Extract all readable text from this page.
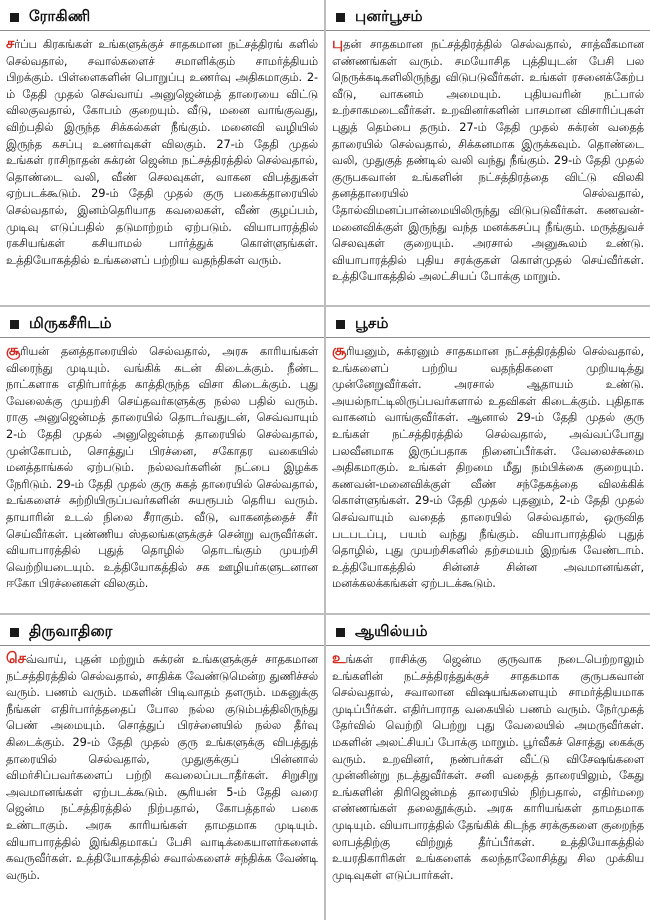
ரோகிணி

சர்ப்ப கிரகங்கள் உங்களுக்குச் சாதகமான நட்சத்திரங் களில் செல்வதால், சவால்களைச் சமாளிக்கும் சாமர்த்தியம் பிறக்கும். பிள்ளைகளின் பொறுப்பு உணர்வு அதிகமாகும். 2-ம் தேதி முதல் செவ்வாய் அனுஜென்மத் தாரையை விட்டு விலகுவதால், கோபம் குறையும். வீடு, மனை வாங்குவது, விற்பதில் இருந்த சிக்கல்கள் நீங்கும். மனைவி வழியில் இருந்த கசப்பு உணர்வுகள் விலகும். 27-ம் தேதி முதல் உங்கள் ராசிநாதன் சுக்ரன் ஜென்ம நட்சத்திரத்தில் செல்வதால், தொண்டை வலி, வீண் செலவுகள், வாகன விபத்துகள் ஏற்படக்கூடும். 29-ம் தேதி முதல் குரு பகைக்தாரையில் செல்வதால், இனம்தெரியாத கவலைகள், வீண் குழப்பம், முடிவு எடுப்பதில் தடுமாற்றம் ஏற்படும். வியாபாரத்தில் ரகசியங்கள் கசியாமல் பார்த்துக் கொள்ளுங்கள். உத்தியோகத்தில் உங்களைப் பற்றிய வதந்திகள் வரும்.

புனர்பூசம்

புதன் சாதகமான நட்சத்திரத்தில் செல்வதால், சாத்வீகமான எண்ணங்கள் வரும். சமயோசித புத்தியுடன் பேசி பல நெருக்கடிகளிலிருந்து விடுபடுவீர்கள். உங்கள் ரசனைக்கேற்ப வீடு, வாகனம் அமையும். புதியவரின் நட்பால் உற்சாகமடைவீர்கள். உறவினர்களின் பாசமான விசாரிப்புகள் புதுத் தெம்பை தரும். 27-ம் தேதி முதல் சுக்ரன் வதைத் தாரையில் செல்வதால், சிக்கனமாக இருக்கவும். தொண்டை வலி, முதுகுத் தண்டில் வலி வந்து நீங்கும். 29-ம் தேதி முதல் குருபகவான் உங்களின் நட்சத்திரத்தை விட்டு விலகி தனத்தாரையில் செல்வதால், தோல்விமனப்பான்மையிலிருந்து விடுபடுவீர்கள். கணவன்-மனைவிக்குள் இருந்து வந்த மனக்கசப்பு நீங்கும். மருத்துவச் செலவுகள் குறையும். அரசால் அனுகூலம் உண்டு. வியாபாரத்தில் புதிய சரக்குகள் கொள்முதல் செய்வீர்கள். உத்தியோகத்தில் அலட்சியப் போக்கு மாறும்.

மிருகசீரிடம்

சூரியன் தனத்தாரையில் செல்வதால், அரசு காரியங்கள் விரைந்து முடியும். வங்கிக் கடன் கிடைக்கும். நீண்ட நாட்களாக எதிர்பார்த்த காத்திருந்த விசா கிடைக்கும். புது வேலைக்கு முயற்சி செய்தவர்களுக்கு நல்ல பதில் வரும். ராகு அனுஜென்மத் தாரையில் தொடர்வதுடன், செவ்வாயும் 2-ம் தேதி முதல் அனுஜென்மத் தாரையில் செல்வதால், முன்கோபம், சொத்துப் பிரச்னை, சகோதர வகையில் மனத்தாங்கல் ஏற்படும். நல்லவர்களின் நட்பை இழக்க நேரிடும். 29-ம் தேதி முதல் குரு சுகத் தாரையில் செல்வதால், உங்களைச் சுற்றியிருப்பவர்களின் சுயரூபம் தெரிய வரும். தாயாரின் உடல் நிலை சீராகும். வீடு, வாகனத்தைச் சீர் செய்வீர்கள். புண்ணிய ஸ்தலங்களுக்குச் சென்று வருவீர்கள். வியாபாரத்தில் புதுத் தொழில் தொடங்கும் முயற்சி வெற்றியடையும். உத்தியோகத்தில் சக ஊழியர்களுடனான ஈகோ பிரச்னைகள் விலகும்.

பூசம்

சூரியனும், சுக்ரனும் சாதகமான நட்சத்திரத்தில் செல்வதால், உங்களைப் பற்றிய வதந்திகளை முறியடித்து முன்னேறுவீர்கள். அரசால் ஆதாயம் உண்டு. அயல்நாட்டிலிருப்பவர்களால் உதவிகள் கிடைக்கும். புதிதாக வாகனம் வாங்குவீர்கள். ஆனால் 29-ம் தேதி முதல் குரு உங்கள் நட்சத்திரத்தில் செல்வதால், அவ்வப்போது பலவீனமாக இருப்பதாக நினைப்பீர்கள். வேலைச்சுமை அதிகமாகும். உங்கள் திறமை மீது நம்பிக்கை குறையும். கணவன்-மனைவிக்குள் வீண் சந்தேகத்தை விலக்கிக் கொள்ளுங்கள். 29-ம் தேதி முதல் புதனும், 2-ம் தேதி முதல் செவ்வாயும் வதைத் தாரையில் செல்வதால், ஒருவித படபடப்பு, பயம் வந்து நீங்கும். வியாபாரத்தில் புதுத் தொழில், புது முயற்சிகளில் தற்சமயம் இறங்க வேண்டாம். உத்தியோகத்தில் சின்னச் சின்ன அவமானங்கள், மனக்கலக்கங்கள் ஏற்படக்கூடும்.

திருவாதிரை

செவ்வாய், புதன் மற்றும் சுக்ரன் உங்களுக்குச் சாதகமான நட்சத்திரத்தில் செல்வதால், சாதிக்க வேண்டுமென்ற துணிச்சல் வரும். பணம் வரும். மகளின் பிடிவாதம் தளரும். மகனுக்கு நீங்கள் எதிர்பார்த்ததைப் போல நல்ல குடும்பத்திலிருந்து பெண் அமையும். சொத்துப் பிரச்னையில் நல்ல தீர்வு கிடைக்கும். 29-ம் தேதி முதல் குரு உங்களுக்கு விபத்துத் தாரையில் செல்வதால், முதுகுக்குப் பின்னால் விமர்சிப்பவர்களைப் பற்றி கவலைப்படாதீர்கள். சிறுசிறு அவமானங்கள் ஏற்படக்கூடும். சூரியன் 5-ம் தேதி வரை ஜென்ம நட்சத்திரத்தில் நிற்பதால், கோபத்தால் பகை உண்டாகும். அரசு காரியங்கள் தாமதமாக முடியும். வியாபாரத்தில் இங்கிதமாகப் பேசி வாடிக்கையாளர்களைக் கவருவீர்கள். உத்தியோகத்தில் சவால்களைச் சந்திக்க வேண்டி வரும்.

ஆயில்யம்

உங்கள் ராசிக்கு ஜென்ம குருவாக நடைபெற்றாலும் உங்களின் நட்சத்திரத்துக்குச் சாதகமாக குருபகவான் செல்வதால், சவாலான விஷயங்களையும் சாமர்த்தியமாக முடிப்பீர்கள். எதிர்பாராத வகையில் பணம் வரும். நேர்முகத் தேர்வில் வெற்றி பெற்று புது வேலையில் அமருவீர்கள். மகளின் அலட்சியப் போக்கு மாறும். பூர்வீகச் சொத்து கைக்கு வரும். உறவினர், நண்பர்கள் வீட்டு விசேஷங்களை முன்னின்று நடத்துவீர்கள். சனி வதைத் தாரையிலும், கேது உங்களின் திரிஜென்மத் தாரையில் நிற்பதால், எதிர்மறை எண்ணங்கள் தலைதூக்கும். அரசு காரியங்கள் தாமதமாக முடியும். வியாபாரத்தில் தேங்கிக் கிடந்த சரக்குகளை குறைந்த லாபத்திற்கு விற்றுத் தீர்ப்பீர்கள். உத்தியோகத்தில் உயரதிகாரிகள் உங்களைக் கலந்தாலோசித்து சில முக்கிய முடிவுகள் எடுப்பார்கள்.
